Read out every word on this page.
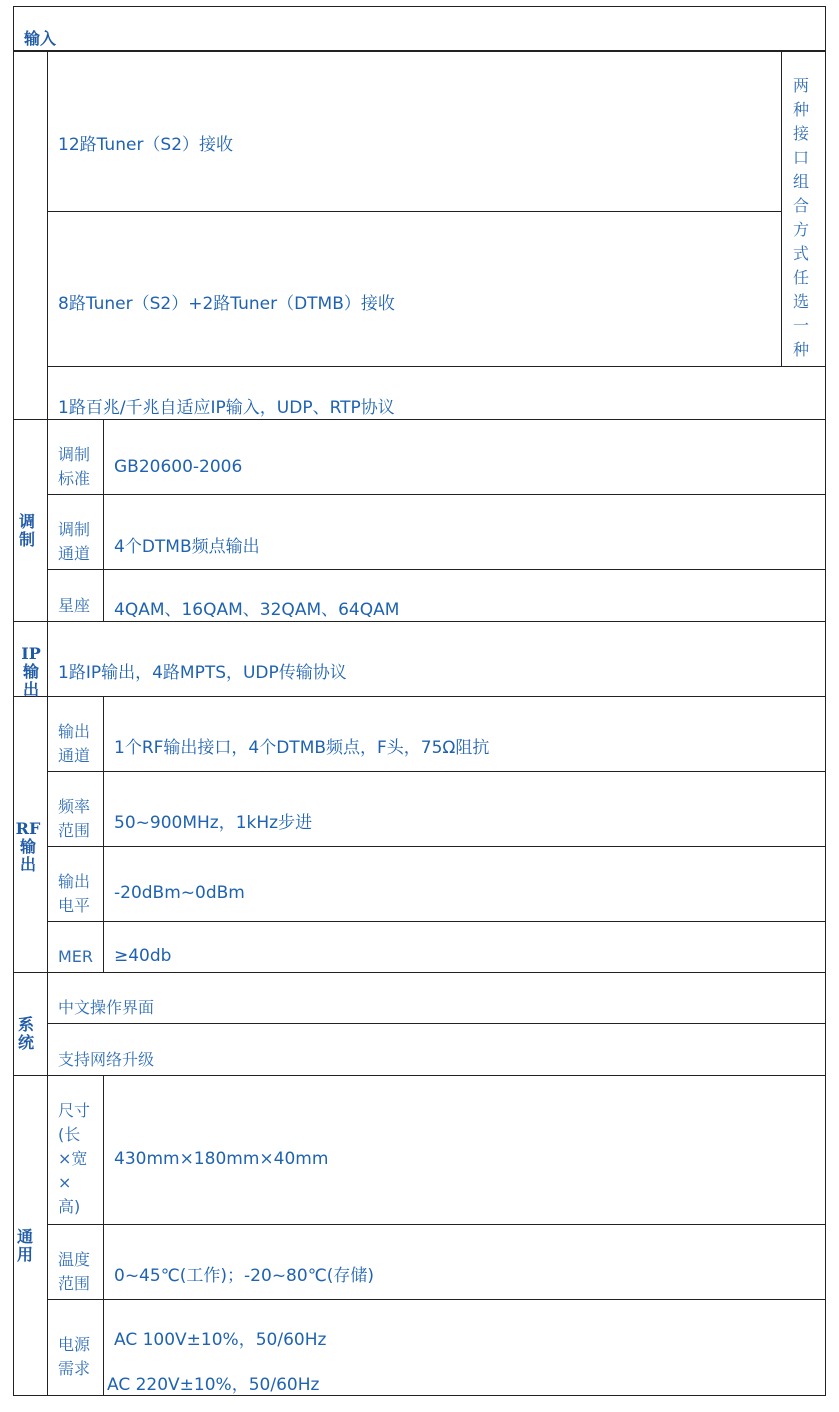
输入
12路Tuner（S2）接收
8路Tuner（S2）+2路Tuner（DTMB）接收
1路百兆/千兆自适应IP输入，UDP、RTP协议
两
种
接
口
组
合
方
式
任
选
一
种
调
制
调制
标准
GB20600-2006
调制
通道 4个DTMB频点输出
星座 4QAM、16QAM、32QAM、64QAM
IP
输
出
1路IP输出，4路MPTS，UDP传输协议
RF
输
出
输出
通道 1个RF输出接口，4个DTMB频点，F头，75Ω阻抗
频率
范围 50~900MHz，1kHz步进
输出
电平
-20dBm~0dBm
MER ≥40db
系
统
中文操作界面
支持网络升级
通
用
尺寸
(长
×宽
×
高)
430mm×180mm×40mm
温度
范围 0~45℃(工作)；-20~80℃(存储)
电源
需求
AC 100V±10%，50/60Hz
AC 220V±10%，50/60Hz
